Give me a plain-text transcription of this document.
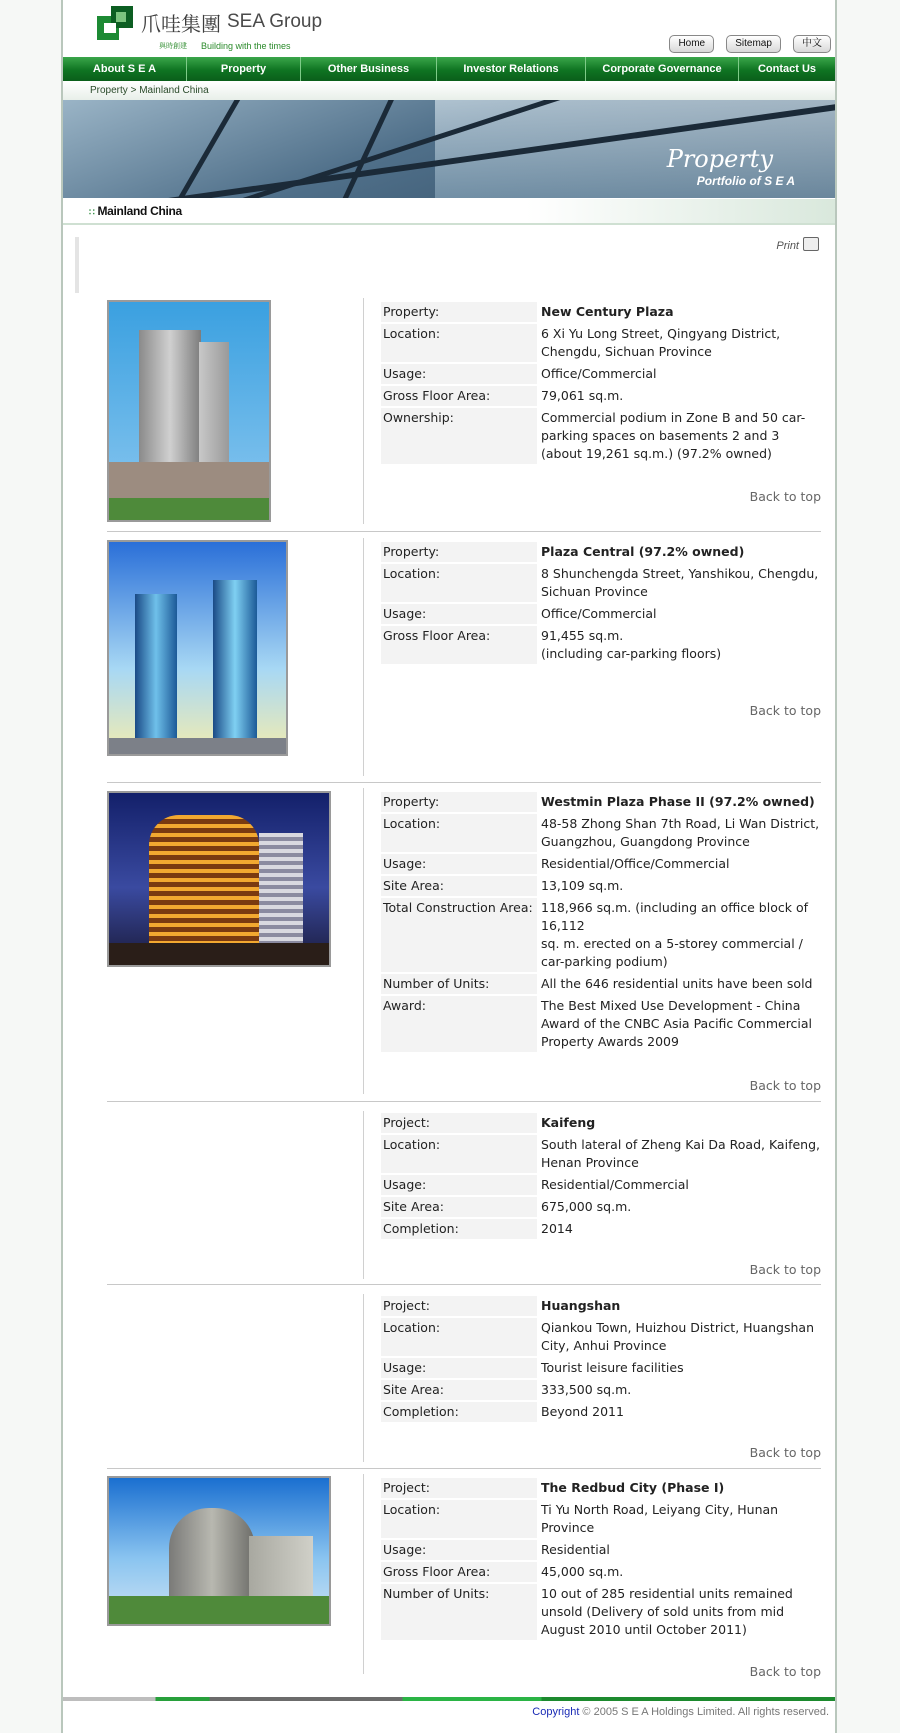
爪哇集團 SEA Group
與時創建 Building with the times	Home	Sitemap	中文
About S E A	Property	Other Business	Investor Relations	Corporate Governance	Contact Us
Property > Mainland China
Property
Portfolio of S E A
∷ Mainland China
Print
Property:	New Century Plaza
Location:	6 Xi Yu Long Street, Qingyang District, Chengdu, Sichuan Province
Usage:	Office/Commercial
Gross Floor Area:	79,061 sq.m.
Ownership:	Commercial podium in Zone B and 50 car-parking spaces on basements 2 and 3 (about 19,261 sq.m.) (97.2% owned)
Back to top
Property:	Plaza Central (97.2% owned)
Location:	8 Shunchengda Street, Yanshikou, Chengdu,
Sichuan Province
Usage:	Office/Commercial
Gross Floor Area:	91,455 sq.m.
(including car-parking floors)
Back to top
Property:	Westmin Plaza Phase II (97.2% owned)
Location:	48-58 Zhong Shan 7th Road, Li Wan District, Guangzhou, Guangdong Province
Usage:	Residential/Office/Commercial
Site Area:	13,109 sq.m.
Total Construction Area:	118,966 sq.m. (including an office block of 16,112
sq. m. erected on a 5-storey commercial / car-parking podium)
Number of Units:	All the 646 residential units have been sold
Award:	The Best Mixed Use Development - China Award of the CNBC Asia Pacific Commercial Property Awards 2009
Back to top
Project:	Kaifeng
Location:	South lateral of Zheng Kai Da Road, Kaifeng, Henan Province
Usage:	Residential/Commercial
Site Area:	675,000 sq.m.
Completion:	2014
Back to top
Project:	Huangshan
Location:	Qiankou Town, Huizhou District, Huangshan City, Anhui Province
Usage:	Tourist leisure facilities
Site Area:	333,500 sq.m.
Completion:	Beyond 2011
Back to top
Project:	The Redbud City (Phase I)
Location:	Ti Yu North Road, Leiyang City, Hunan Province
Usage:	Residential
Gross Floor Area:	45,000 sq.m.
Number of Units:	10 out of 285 residential units remained unsold (Delivery of sold units from mid August 2010 until October 2011)
Back to top
Copyright © 2005 S E A Holdings Limited. All rights reserved.
